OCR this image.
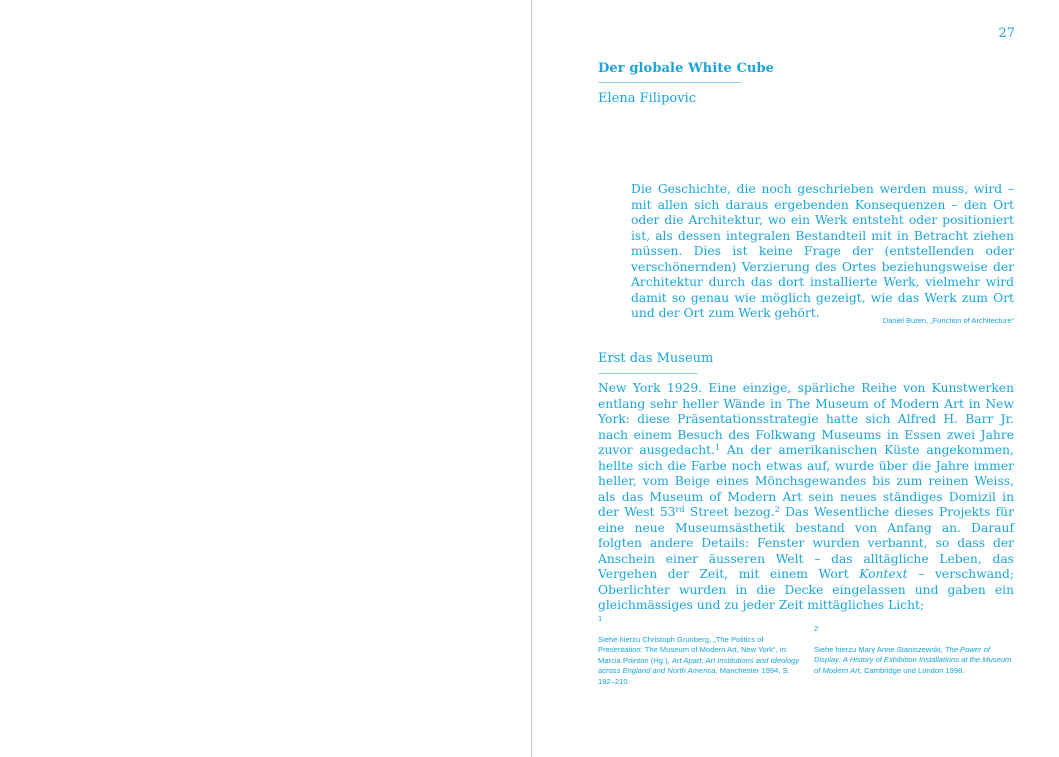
27
Der globale White Cube
Elena Filipovic
Die Geschichte, die noch geschrieben werden muss, wird – mit allen sich daraus ergebenden Konsequenzen – den Ort oder die Architektur, wo ein Werk entsteht oder positioniert ist, als dessen integralen Bestandteil mit in Betracht ziehen müssen. Dies ist keine Frage der (entstellenden oder verschönernden) Verzierung des Ortes beziehungsweise der Architektur durch das dort installierte Werk, vielmehr wird damit so genau wie möglich gezeigt, wie das Werk zum Ort und der Ort zum Werk gehört.
Daniel Buren, „Function of Architecture“
Erst das Museum
New York 1929. Eine einzige, spärliche Reihe von Kunstwerken entlang sehr heller Wände in The Museum of Modern Art in New York: diese Präsentationsstrategie hatte sich Alfred H. Barr Jr. nach einem Besuch des Folkwang Museums in Essen zwei Jahre zuvor ausgedacht.$^1$ An der amerikanischen Küste angekommen, hellte sich die Farbe noch etwas auf, wurde über die Jahre immer heller, vom Beige eines Mönchsgewandes bis zum reinen Weiss, als das Museum of Modern Art sein neues ständiges Domizil in der West 53rd Street bezog.$^2$ Das Wesentliche dieses Projekts für eine neue Museumsästhetik bestand von Anfang an. Darauf folgten andere Details: Fenster wurden verbannt, so dass der Anschein einer äusseren Welt – das alltägliche Leben, das Vergehen der Zeit, mit einem Wort Kontext – verschwand; Oberlichter wurden in die Decke eingelassen und gaben ein gleichmässiges und zu jeder Zeit mittägliches Licht;
1
Siehe hierzu Christoph Grunberg, „The Politics of Presentation: The Museum of Modern Art, New York“, in: Marcia Pointon (Hg.), Art Apart: Art Institutions and Ideology across England and North America, Manchester 1994, S. 192–210.
2
Siehe hierzu Mary Anne Staniszewski, The Power of Display: A History of Exhibition Installations at the Museum of Modern Art, Cambridge und London 1998.
